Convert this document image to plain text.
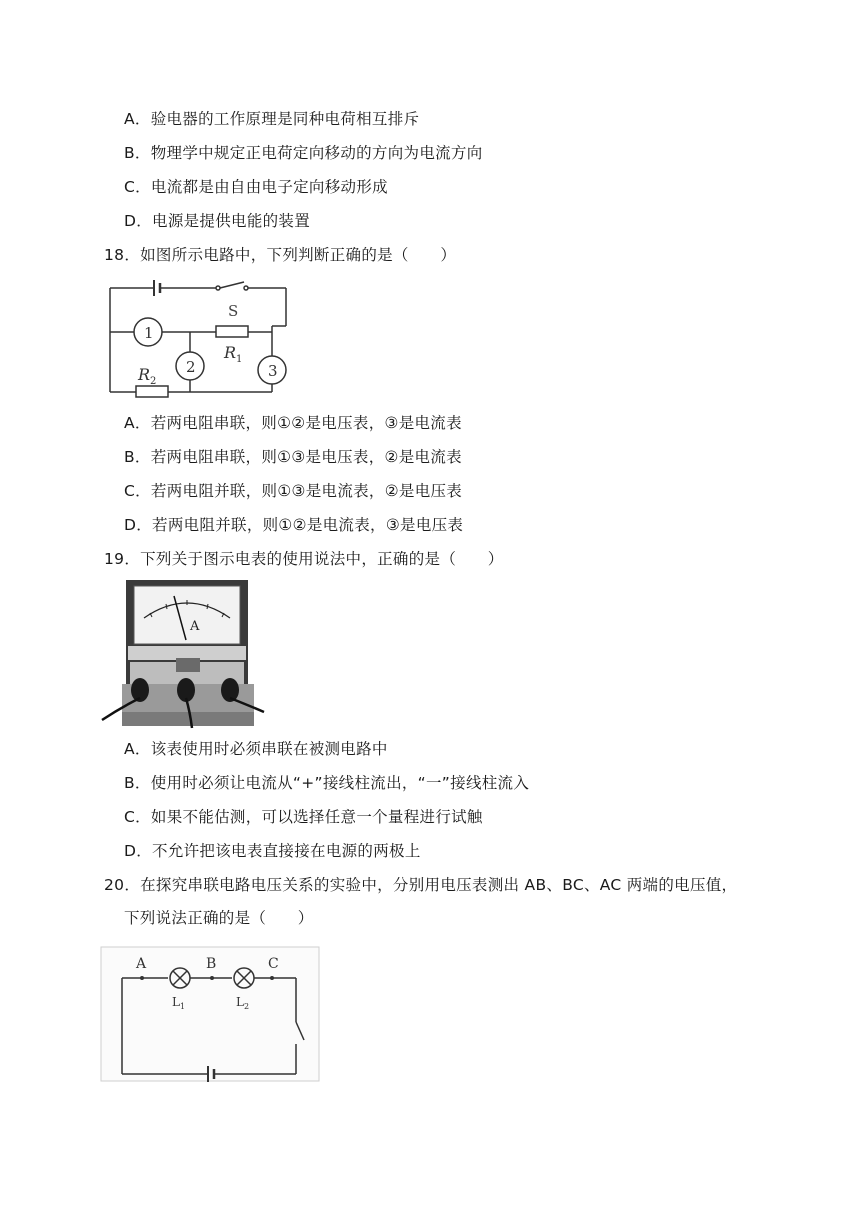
A．验电器的工作原理是同种电荷相互排斥
B．物理学中规定正电荷定向移动的方向为电流方向
C．电流都是由自由电子定向移动形成
D．电源是提供电能的装置
18．如图所示电路中，下列判断正确的是（　　）
S
1
2	3
R 1
R 2
A．若两电阻串联，则①②是电压表，③是电流表
B．若两电阻串联，则①③是电压表，②是电流表
C．若两电阻并联，则①③是电流表，②是电压表
D．若两电阻并联，则①②是电流表，③是电压表
19．下列关于图示电表的使用说法中，正确的是（　　）
A
A．该表使用时必须串联在被测电路中
B．使用时必须让电流从“+”接线柱流出，“一”接线柱流入
C．如果不能估测，可以选择任意一个量程进行试触
D．不允许把该电表直接接在电源的两极上
20．在探究串联电路电压关系的实验中，分别用电压表测出 AB、BC、AC 两端的电压值，
下列说法正确的是（　　）
A	B	C
L 1	L 2
